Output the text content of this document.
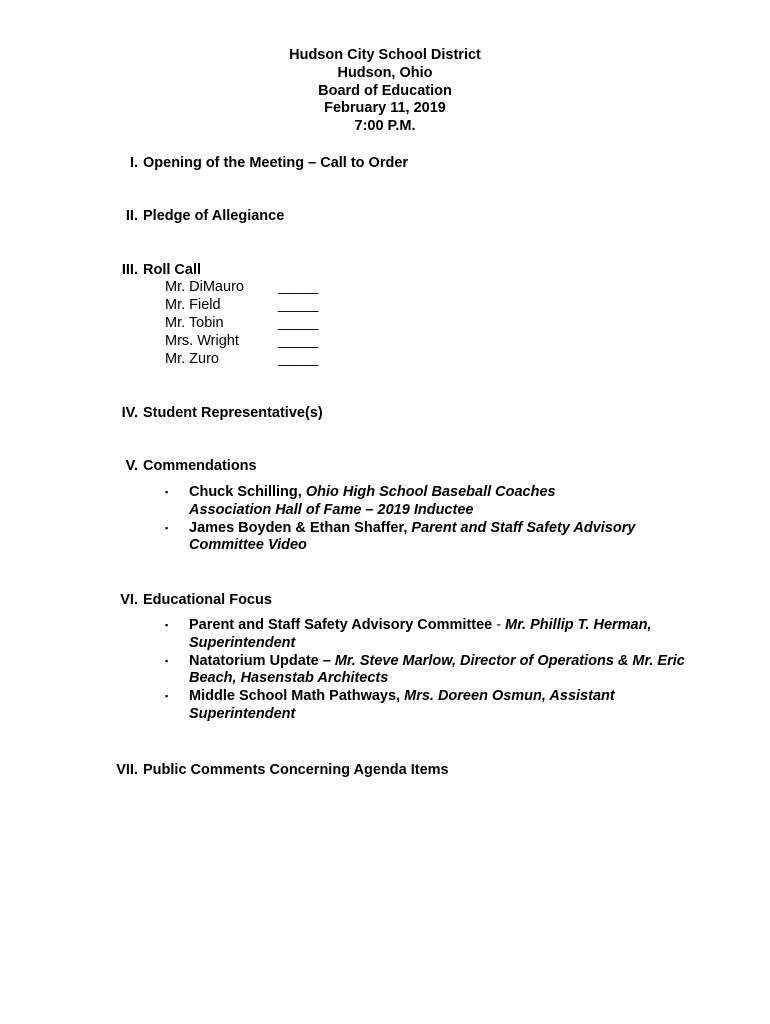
Hudson City School District
Hudson, Ohio
Board of Education
February 11, 2019
7:00 P.M.
I. Opening of the Meeting – Call to Order
II. Pledge of Allegiance
III. Roll Call
Mr. DiMauro _____
Mr. Field	_____
Mr. Tobin	_____
Mrs. Wright	_____
Mr. Zuro	_____
IV. Student Representative(s)
V. Commendations

▪ Chuck Schilling, Ohio High School Baseball Coaches Association Hall of Fame – 2019 Inductee

▪ James Boyden & Ethan Shaffer, Parent and Staff Safety Advisory Committee Video

VI. Educational Focus

▪ Parent and Staff Safety Advisory Committee - Mr. Phillip T. Herman, Superintendent

▪ Natatorium Update – Mr. Steve Marlow, Director of Operations & Mr. Eric Beach, Hasenstab Architects

▪ Middle School Math Pathways, Mrs. Doreen Osmun, Assistant Superintendent

VII. Public Comments Concerning Agenda Items
